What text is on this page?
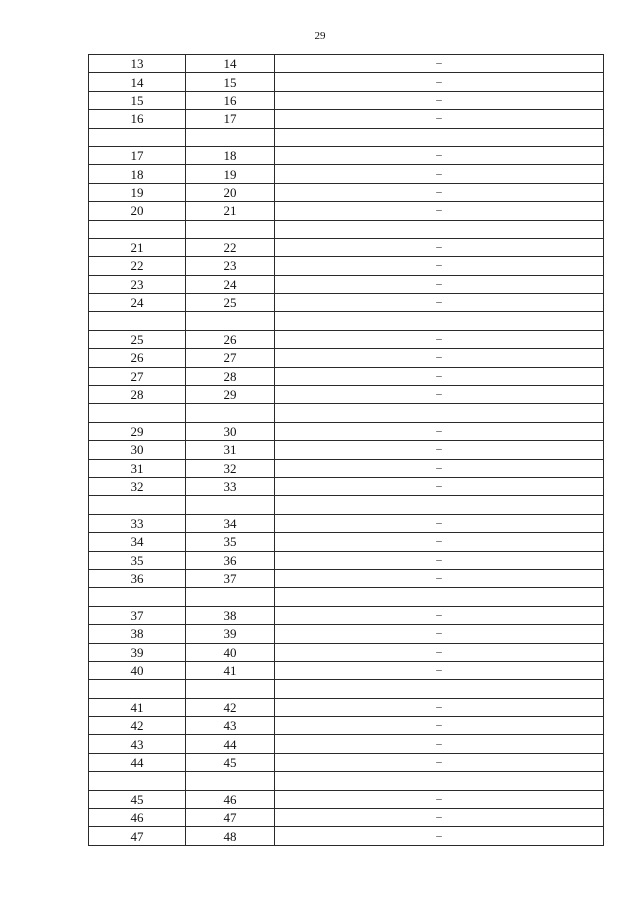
29
13	14	–
14	15	–
15	16	–
16	17	–

17	18	–
18	19	–
19	20	–
20	21	–

21	22	–
22	23	–
23	24	–
24	25	–

25	26	–
26	27	–
27	28	–
28	29	–

29	30	–
30	31	–
31	32	–
32	33	–

33	34	–
34	35	–
35	36	–
36	37	–

37	38	–
38	39	–
39	40	–
40	41	–

41	42	–
42	43	–
43	44	–
44	45	–

45	46	–
46	47	–
47	48	–
